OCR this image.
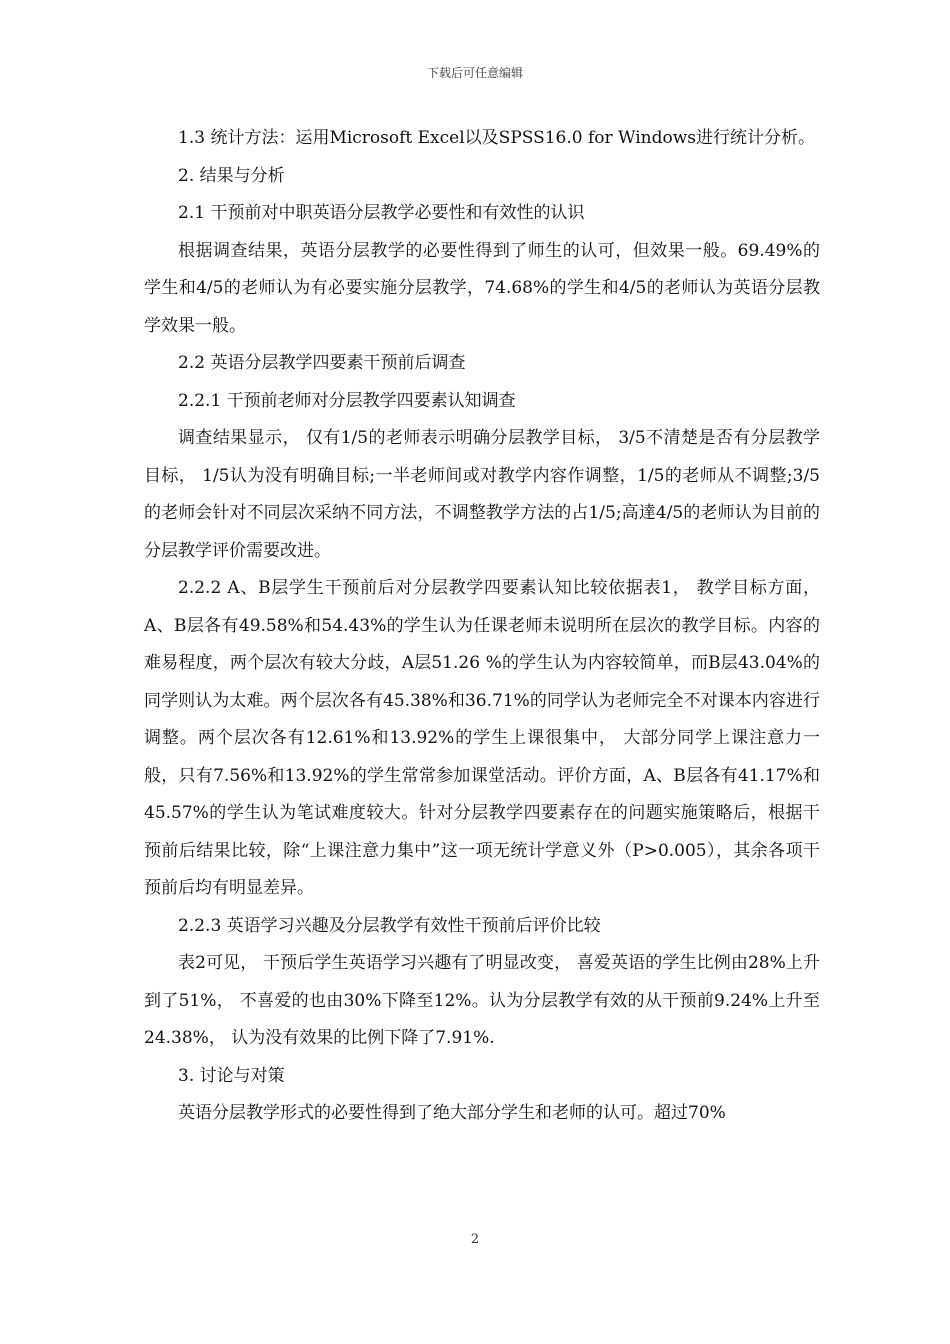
下载后可任意编辑

1.3 统计方法：运用Microsoft Excel以及SPSS16.0 for Windows进行统计分析。

2. 结果与分析

2.1 干预前对中职英语分层教学必要性和有效性的认识

根据调查结果，英语分层教学的必要性得到了师生的认可，但效果一般。69.49%的学生和4/5的老师认为有必要实施分层教学，74.68%的学生和4/5的老师认为英语分层教学效果一般。

2.2 英语分层教学四要素干预前后调查

2.2.1 干预前老师对分层教学四要素认知调查

调查结果显示， 仅有1/5的老师表示明确分层教学目标， 3/5不清楚是否有分层教学目标， 1/5认为没有明确目标;一半老师间或对教学内容作调整，1/5的老师从不调整;3/5的老师会针对不同层次采纳不同方法，不调整教学方法的占1/5;高達4/5的老师认为目前的分层教学评价需要改进。

2.2.2 A、B层学生干预前后对分层教学四要素认知比较依据表1， 教学目标方面，A、B层各有49.58%和54.43%的学生认为任课老师未说明所在层次的教学目标。内容的难易程度，两个层次有较大分歧，A层51.26 %的学生认为内容较简单，而B层43.04%的同学则认为太难。两个层次各有45.38%和36.71%的同学认为老师完全不对课本内容进行调整。两个层次各有12.61%和13.92%的学生上课很集中， 大部分同学上课注意力一般，只有7.56%和13.92%的学生常常参加课堂活动。评价方面，A、B层各有41.17%和45.57%的学生认为笔试难度较大。针对分层教学四要素存在的问题实施策略后，根据干预前后结果比较，除“上课注意力集中”这一项无统计学意义外（P>0.005），其余各项干预前后均有明显差异。

2.2.3 英语学习兴趣及分层教学有效性干预前后评价比较

表2可见， 干预后学生英语学习兴趣有了明显改变， 喜爱英语的学生比例由28%上升到了51%， 不喜爱的也由30%下降至12%。认为分层教学有效的从干预前9.24%上升至24.38%， 认为没有效果的比例下降了7.91%.

3. 讨论与对策

英语分层教学形式的必要性得到了绝大部分学生和老师的认可。超过70%

2
